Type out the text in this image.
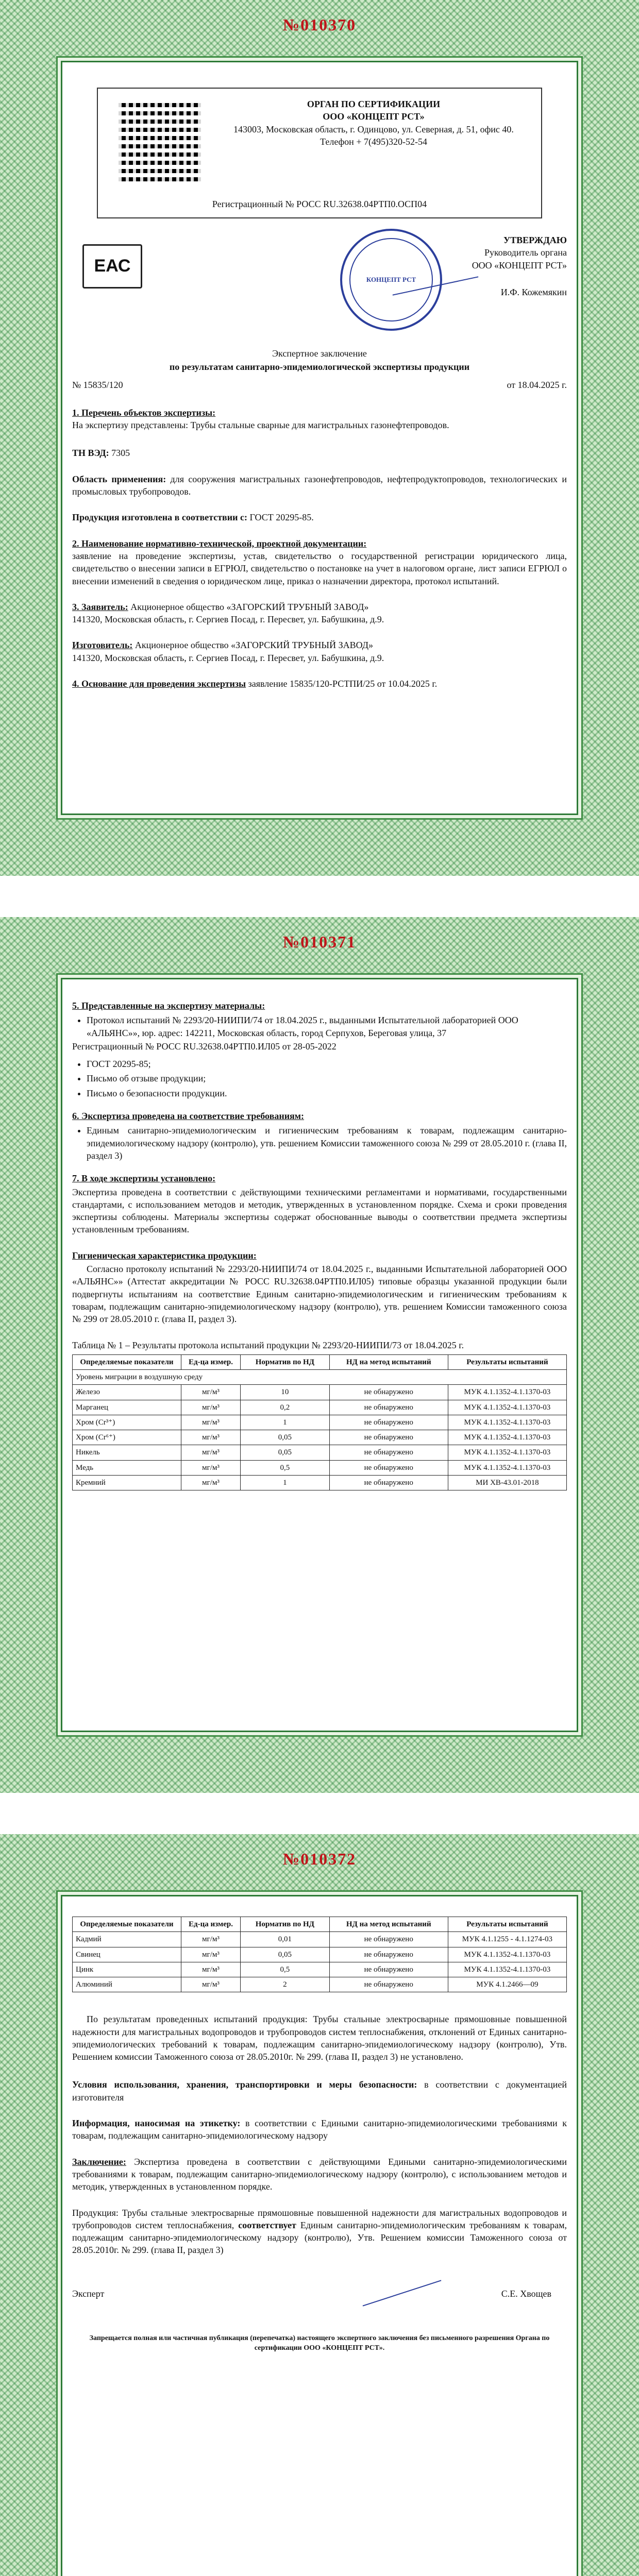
№010370
ОРГАН ПО СЕРТИФИКАЦИИ
ООО «КОНЦЕПТ РСТ»
143003, Московская область, г. Одинцово, ул. Северная, д. 51, офис 40.
Телефон + 7(495)320-52-54
Регистрационный № РОСС RU.32638.04РТП0.ОСП04
ЕАС
КОНЦЕПТ РСТ
УТВЕРЖДАЮ
Руководитель органа
ООО «КОНЦЕПТ РСТ»
И.Ф. Кожемякин

Экспертное заключение

по результатам санитарно-эпидемиологической экспертизы продукции

№ 15835/120	от 18.04.2025 г.

1. Перечень объектов экспертизы:

На экспертизу представлены: Трубы стальные сварные для магистральных газонефтепроводов.

ТН ВЭД: 7305

Область применения: для сооружения магистральных газонефтепроводов, нефтепродуктопроводов, технологических и промысловых трубопроводов.

Продукция изготовлена в соответствии с: ГОСТ 20295-85.

2. Наименование нормативно-технической, проектной документации:

заявление на проведение экспертизы, устав, свидетельство о государственной регистрации юридического лица, свидетельство о внесении записи в ЕГРЮЛ, свидетельство о постановке на учет в налоговом органе, лист записи ЕГРЮЛ о внесении изменений в сведения о юридическом лице, приказ о назначении директора, протокол испытаний.

3. Заявитель: Акционерное общество «ЗАГОРСКИЙ ТРУБНЫЙ ЗАВОД»

141320, Московская область, г. Сергиев Посад, г. Пересвет, ул. Бабушкина, д.9.

Изготовитель: Акционерное общество «ЗАГОРСКИЙ ТРУБНЫЙ ЗАВОД»

141320, Московская область, г. Сергиев Посад, г. Пересвет, ул. Бабушкина, д.9.

4. Основание для проведения экспертизы заявление 15835/120-РСТПИ/25 от 10.04.2025 г.

№010371

5. Представленные на экспертизу материалы:

• Протокол испытаний № 2293/20-НИИПИ/74 от 18.04.2025 г., выданными Испытательной лабораторией ООО «АЛЬЯНС»», юр. адрес: 142211, Московская область, город Серпухов, Береговая улица, 37

Регистрационный № РОСС RU.32638.04РТП0.ИЛ05 от 28-05-2022

• ГОСТ 20295-85;
• Письмо об отзыве продукции;
• Письмо о безопасности продукции.

6. Экспертиза проведена на соответствие требованиям:

• Единым санитарно-эпидемиологическим и гигиеническим требованиям к товарам, подлежащим санитарно-эпидемиологическому надзору (контролю), утв. решением Комиссии таможенного союза № 299 от 28.05.2010 г. (глава II, раздел 3)

7. В ходе экспертизы установлено:

Экспертиза проведена в соответствии с действующими техническими регламентами и нормативами, государственными стандартами, с использованием методов и методик, утвержденных в установленном порядке. Схема и сроки проведения экспертизы соблюдены. Материалы экспертизы содержат обоснованные выводы о соответствии предмета экспертизы установленным требованиям.

Гигиеническая характеристика продукции:

Согласно протоколу испытаний № 2293/20-НИИПИ/74 от 18.04.2025 г., выданными Испытательной лабораторией ООО «АЛЬЯНС»» (Аттестат аккредитации № РОСС RU.32638.04РТП0.ИЛ05) типовые образцы указанной продукции были подвергнуты испытаниям на соответствие Единым санитарно-эпидемиологическим и гигиеническим требованиям к товарам, подлежащим санитарно-эпидемиологическому надзору (контролю), утв. решением Комиссии таможенного союза № 299 от 28.05.2010 г. (глава II, раздел 3).

Таблица № 1 – Результаты протокола испытаний продукции № 2293/20-НИИПИ/73 от 18.04.2025 г.

Определяемые показатели	Ед-ца измер.	Норматив по НД	НД на метод испытаний	Результаты испытаний
Уровень миграции в воздушную среду				
Железо	мг/м³	10	не обнаружено	МУК 4.1.1352-4.1.1370-03
Марганец	мг/м³	0,2	не обнаружено	МУК 4.1.1352-4.1.1370-03
Хром (Cr³⁺)	мг/м³	1	не обнаружено	МУК 4.1.1352-4.1.1370-03
Хром (Cr⁶⁺)	мг/м³	0,05	не обнаружено	МУК 4.1.1352-4.1.1370-03
Никель	мг/м³	0,05	не обнаружено	МУК 4.1.1352-4.1.1370-03
Медь	мг/м³	0,5	не обнаружено	МУК 4.1.1352-4.1.1370-03
Кремний	мг/м³	1	не обнаружено	МИ ХВ-43.01-2018
№010372
Определяемые показатели	Ед-ца измер.	Норматив по НД	НД на метод испытаний	Результаты испытаний
Кадмий	мг/м³	0,01	не обнаружено	МУК 4.1.1255 - 4.1.1274-03
Свинец	мг/м³	0,05	не обнаружено	МУК 4.1.1352-4.1.1370-03
Цинк	мг/м³	0,5	не обнаружено	МУК 4.1.1352-4.1.1370-03
Алюминий	мг/м³	2	не обнаружено	МУК 4.1.2466—09

По результатам проведенных испытаний продукция: Трубы стальные электросварные прямошовные повышенной надежности для магистральных водопроводов и трубопроводов систем теплоснабжения, отклонений от Единых санитарно-эпидемиологических требований к товарам, подлежащим санитарно-эпидемиологическому надзору (контролю), Утв. Решением комиссии Таможенного союза от 28.05.2010г. № 299. (глава II, раздел 3) не установлено.

Условия использования, хранения, транспортировки и меры безопасности: в соответствии с документацией изготовителя

Информация, наносимая на этикетку: в соответствии с Едиными санитарно-эпидемиологическими требованиями к товарам, подлежащим санитарно-эпидемиологическому надзору

Заключение: Экспертиза проведена в соответствии с действующими Едиными санитарно-эпидемиологическими требованиями к товарам, подлежащим санитарно-эпидемиологическому надзору (контролю), с использованием методов и методик, утвержденных в установленном порядке.

Продукция: Трубы стальные электросварные прямошовные повышенной надежности для магистральных водопроводов и трубопроводов систем теплоснабжения, соответствует Единым санитарно-эпидемиологическим требованиям к товарам, подлежащим санитарно-эпидемиологическому надзору (контролю), Утв. Решением комиссии Таможенного союза от 28.05.2010г. № 299. (глава II, раздел 3)

Эксперт	С.Е. Хвощев

Запрещается полная или частичная публикация (перепечатка) настоящего экспертного заключения без письменного разрешения Органа по сертификации ООО «КОНЦЕПТ РСТ».
